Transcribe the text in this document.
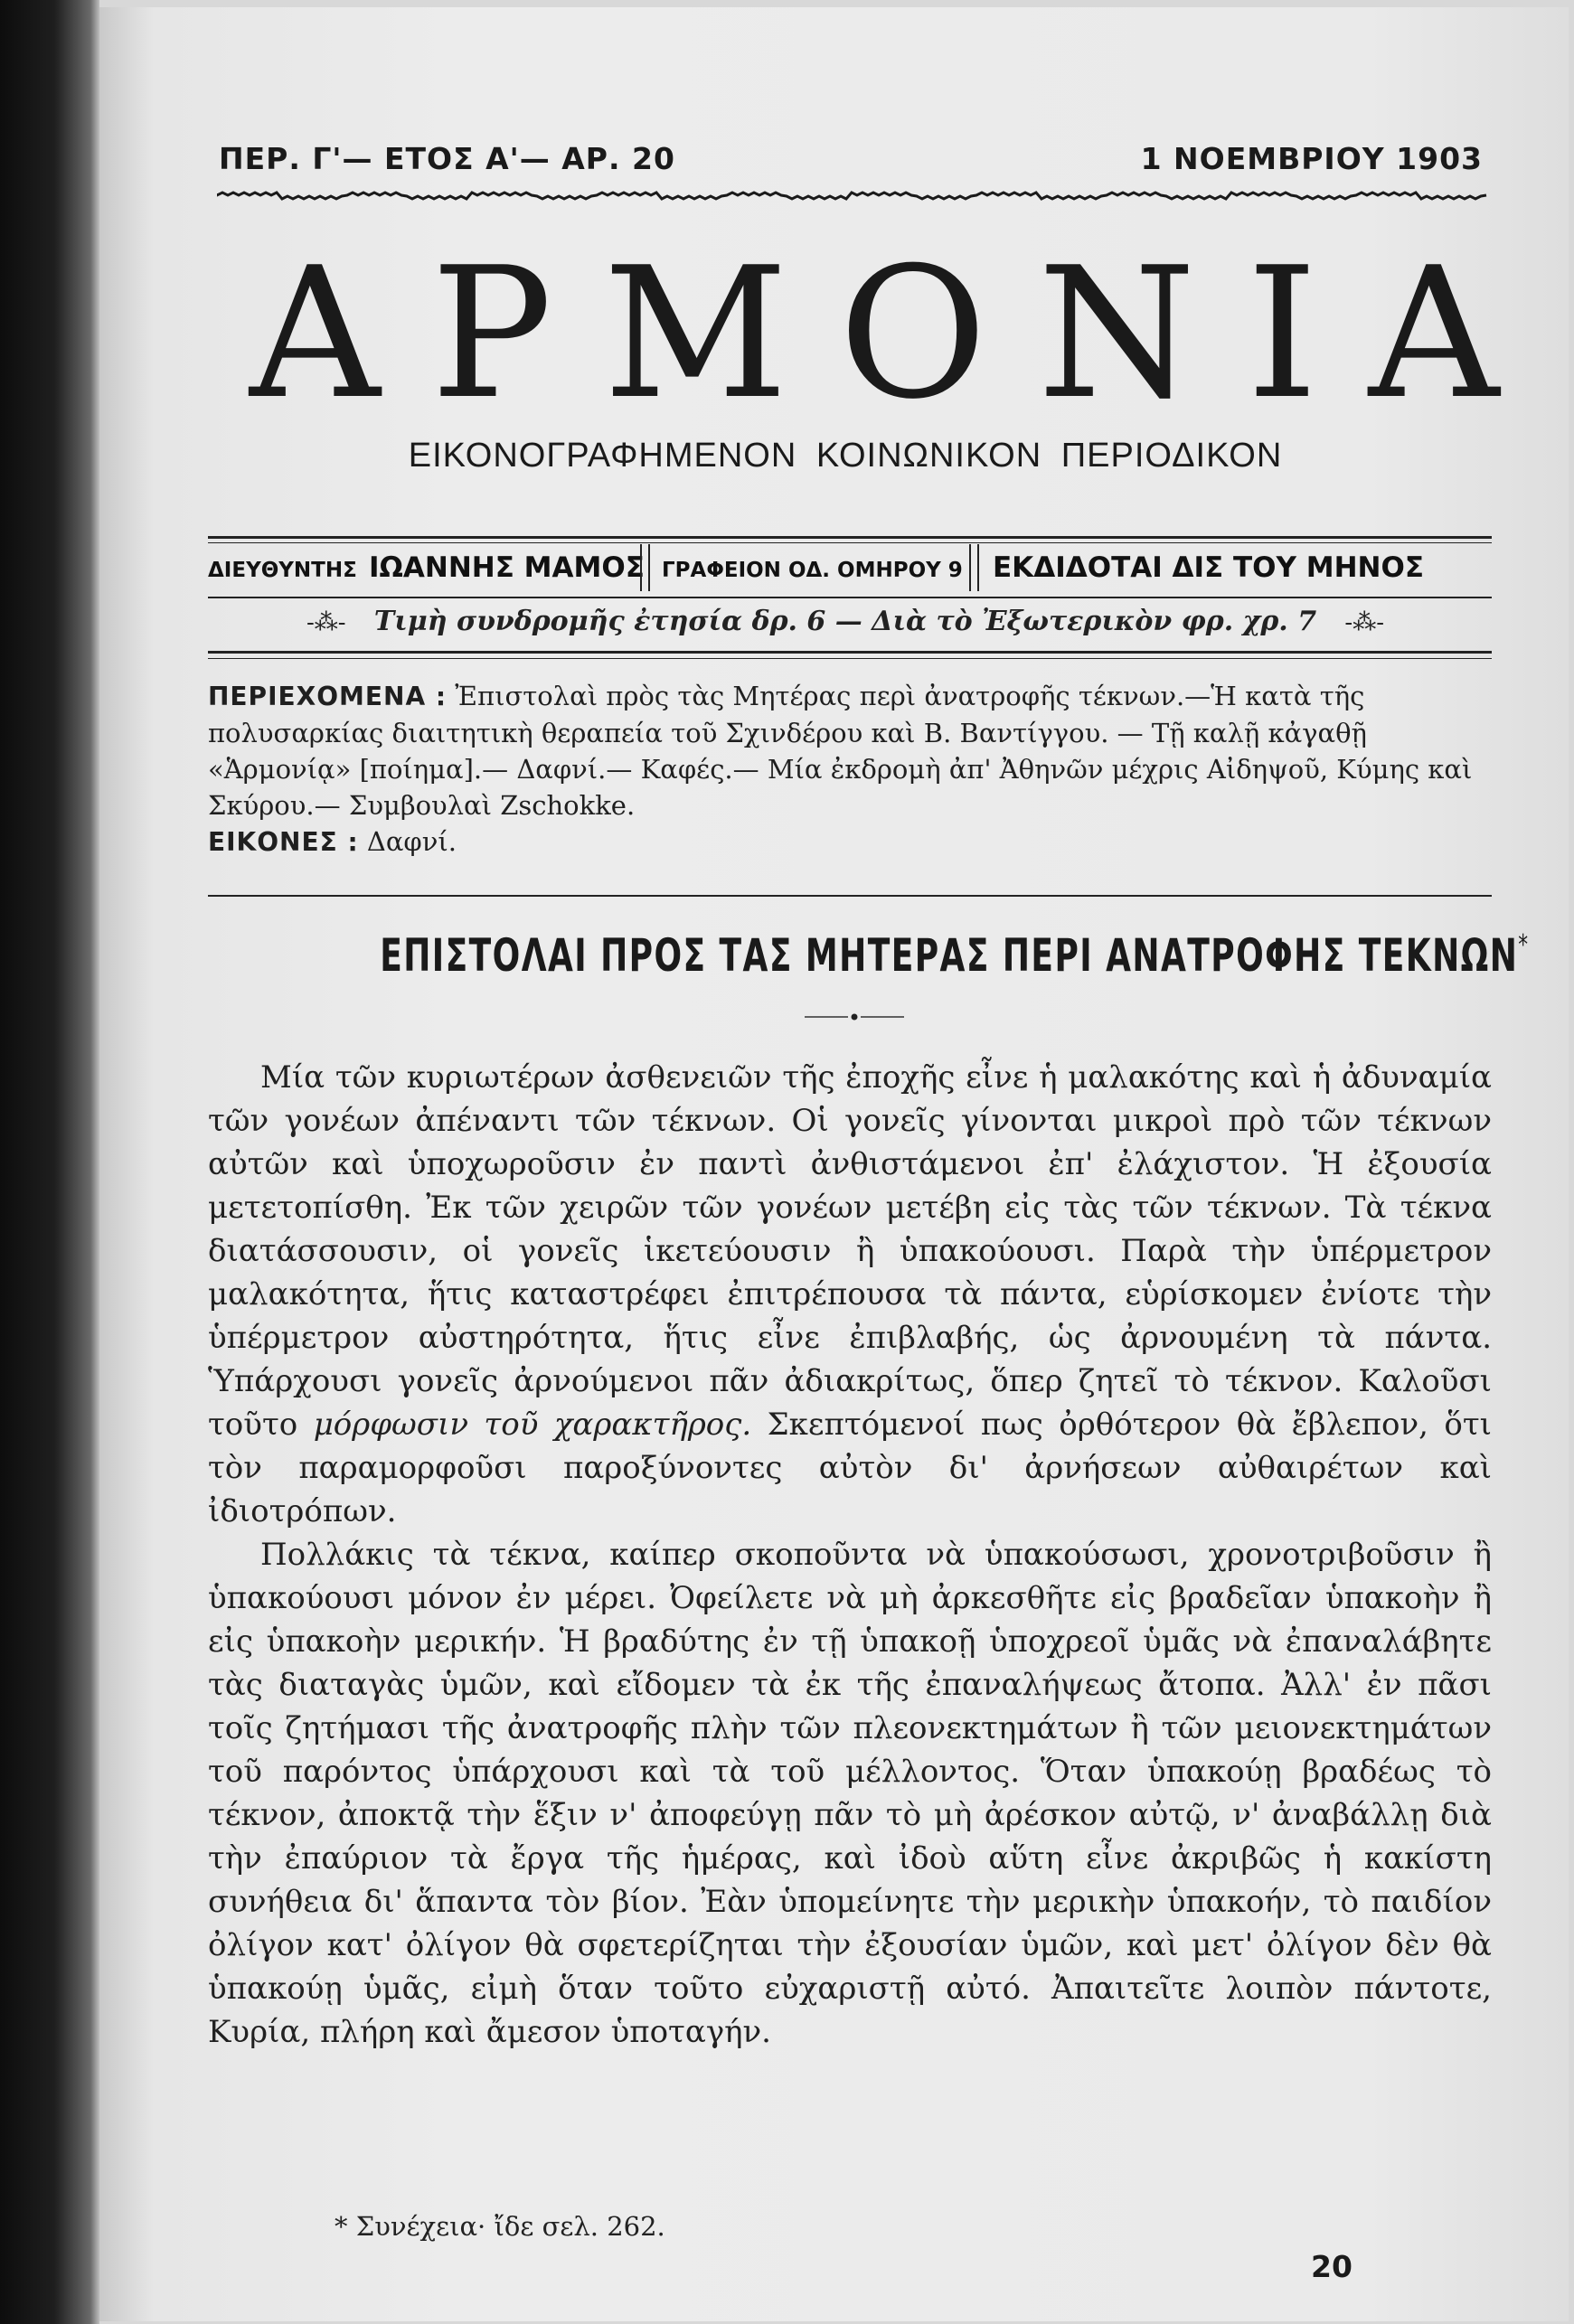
ΠΕΡ. Γ'— ΕΤΟΣ Α'— ΑΡ. 20	1 ΝΟΕΜΒΡΙΟΥ 1903
ΑΡΜΟΝΙΑ
ΕΙΚΟΝΟΓΡΑΦΗΜΕΝΟΝ ΚΟΙΝΩΝΙΚΟΝ ΠΕΡΙΟΔΙΚΟΝ
ΔΙΕΥΘΥΝΤΗΣ ΙΩΑΝΝΗΣ ΜΑΜΟΣ ΓΡΑΦΕΙΟΝ ΟΔ. ΟΜΗΡΟΥ 9 ΕΚΔΙΔΟΤΑΙ ΔΙΣ ΤΟΥ ΜΗΝΟΣ
-⁂- Τιμὴ συνδρομῆς ἐτησία δρ. 6 — Διὰ τὸ Ἐξωτερικὸν φρ. χρ. 7 -⁂-
ΠΕΡΙΕΧΟΜΕΝΑ : Ἐπιστολαὶ πρὸς τὰς Μητέρας περὶ ἀνατροφῆς τέκνων.—Ἡ κατὰ τῆς πολυσαρκίας διαιτητικὴ θεραπεία τοῦ Σχινδέρου καὶ Β. Βαντίγγου. — Τῇ καλῇ κἀγαθῇ «Ἁρμονίᾳ» [ποίημα].— Δαφνί.— Καφές.— Μία ἐκδρομὴ ἀπ' Ἀθηνῶν μέχρις Αἰδηψοῦ, Κύμης καὶ Σκύρου.— Συμβουλαὶ Zschokke.
ΕΙΚΟΝΕΣ : Δαφνί.
ΕΠΙΣΤΟΛΑΙ ΠΡΟΣ ΤΑΣ ΜΗΤΕΡΑΣ ΠΕΡΙ ΑΝΑΤΡΟΦΗΣ ΤΕΚΝΩΝ*

Μία τῶν κυριωτέρων ἀσθενειῶν τῆς ἐποχῆς εἶνε ἡ μαλακότης καὶ ἡ ἀδυναμία τῶν γονέων ἀπέναντι τῶν τέκνων. Οἱ γονεῖς γίνονται μικροὶ πρὸ τῶν τέκνων αὐτῶν καὶ ὑποχωροῦσιν ἐν παντὶ ἀνθιστάμενοι ἐπ' ἐλάχιστον. Ἡ ἐξουσία μετετοπίσθη. Ἐκ τῶν χειρῶν τῶν γονέων μετέβη εἰς τὰς τῶν τέκνων. Τὰ τέκνα διατάσσουσιν, οἱ γονεῖς ἱκετεύουσιν ἢ ὑπακούουσι. Παρὰ τὴν ὑπέρμετρον μαλακότητα, ἥτις καταστρέφει ἐπιτρέπουσα τὰ πάντα, εὑρίσκομεν ἐνίοτε τὴν ὑπέρμετρον αὐστηρότητα, ἥτις εἶνε ἐπιβλαβής, ὡς ἀρνουμένη τὰ πάντα. Ὑπάρχουσι γονεῖς ἀρνούμενοι πᾶν ἀδιακρίτως, ὅπερ ζητεῖ τὸ τέκνον. Καλοῦσι τοῦτο μόρφωσιν τοῦ χαρακτῆρος. Σκεπτόμενοί πως ὀρθότερον θὰ ἔβλεπον, ὅτι τὸν παραμορφοῦσι παροξύνοντες αὐτὸν δι' ἀρνήσεων αὐθαιρέτων καὶ ἰδιοτρόπων.

Πολλάκις τὰ τέκνα, καίπερ σκοποῦντα νὰ ὑπακούσωσι, χρονοτριβοῦσιν ἢ ὑπακούουσι μόνον ἐν μέρει. Ὀφείλετε νὰ μὴ ἀρκεσθῆτε εἰς βραδεῖαν ὑπακοὴν ἢ εἰς ὑπακοὴν μερικήν. Ἡ βραδύτης ἐν τῇ ὑπακοῇ ὑποχρεοῖ ὑμᾶς νὰ ἐπαναλάβητε τὰς διαταγὰς ὑμῶν, καὶ εἴδομεν τὰ ἐκ τῆς ἐπαναλήψεως ἄτοπα. Ἀλλ' ἐν πᾶσι τοῖς ζητήμασι τῆς ἀνατροφῆς πλὴν τῶν πλεονεκτημάτων ἢ τῶν μειονεκτημάτων τοῦ παρόντος ὑπάρχουσι καὶ τὰ τοῦ μέλλοντος. Ὅταν ὑπακούῃ βραδέως τὸ τέκνον, ἀποκτᾷ τὴν ἕξιν ν' ἀποφεύγῃ πᾶν τὸ μὴ ἀρέσκον αὐτῷ, ν' ἀναβάλλῃ διὰ τὴν ἐπαύριον τὰ ἔργα τῆς ἡμέρας, καὶ ἰδοὺ αὕτη εἶνε ἀκριβῶς ἡ κακίστη συνήθεια δι' ἅπαντα τὸν βίον. Ἐὰν ὑπομείνητε τὴν μερικὴν ὑπακοήν, τὸ παιδίον ὀλίγον κατ' ὀλίγον θὰ σφετερίζηται τὴν ἐξουσίαν ὑμῶν, καὶ μετ' ὀλίγον δὲν θὰ ὑπακούῃ ὑμᾶς, εἰμὴ ὅταν τοῦτο εὐχαριστῇ αὐτό. Ἀπαιτεῖτε λοιπὸν πάντοτε, Κυρία, πλήρη καὶ ἄμεσον ὑποταγήν.

* Συνέχεια· ἴδε σελ. 262.
20
